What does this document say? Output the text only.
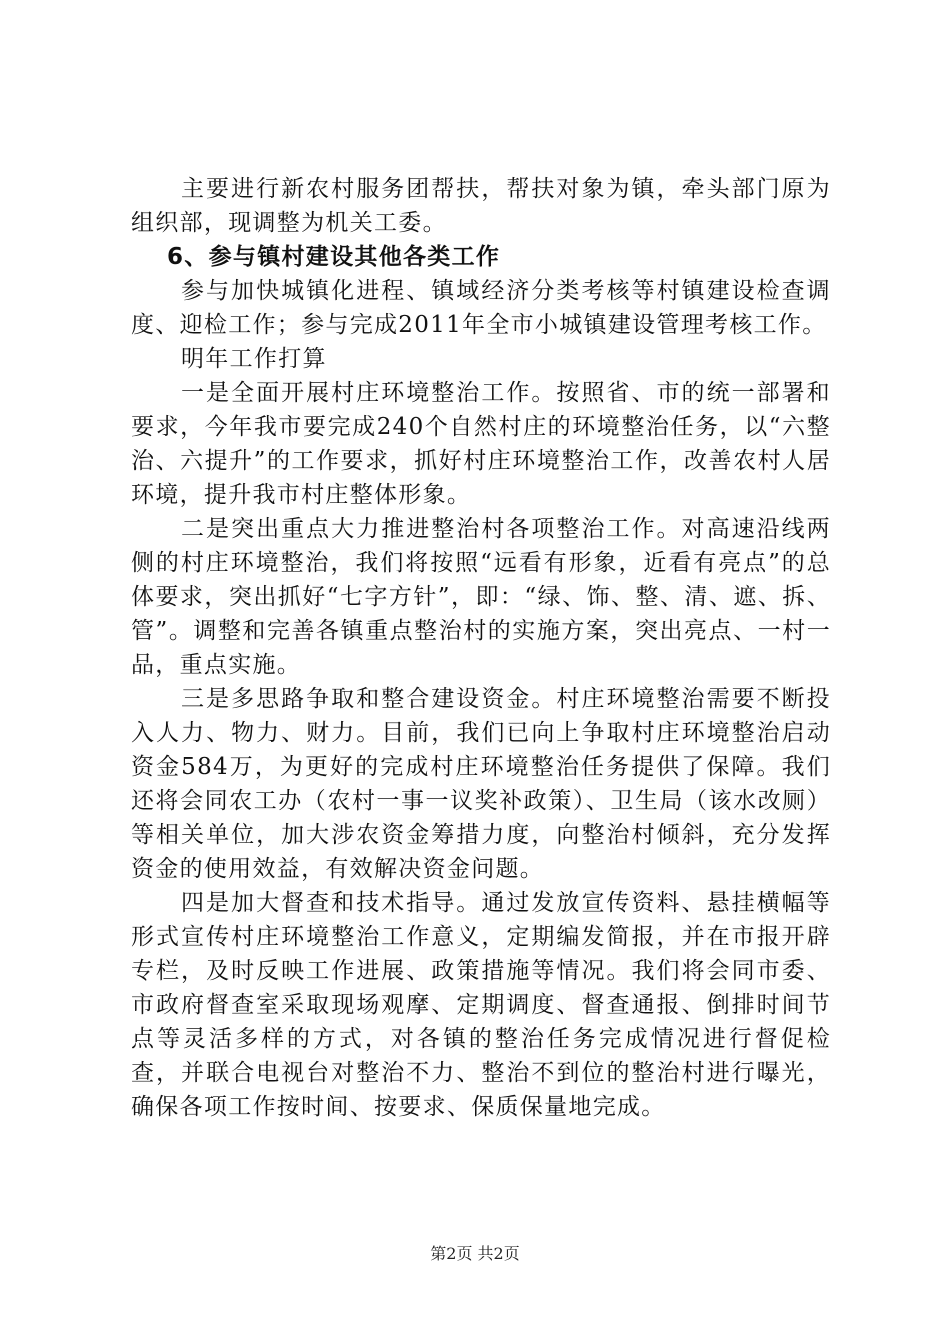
主要进行新农村服务团帮扶，帮扶对象为镇，牵头部门原为组织部，现调整为机关工委。

6、参与镇村建设其他各类工作

参与加快城镇化进程、镇域经济分类考核等村镇建设检查调度、迎检工作；参与完成2011年全市小城镇建设管理考核工作。

明年工作打算

一是全面开展村庄环境整治工作。按照省、市的统一部署和要求，今年我市要完成240个自然村庄的环境整治任务，以“六整治、六提升”的工作要求，抓好村庄环境整治工作，改善农村人居环境，提升我市村庄整体形象。

二是突出重点大力推进整治村各项整治工作。对高速沿线两侧的村庄环境整治，我们将按照“远看有形象，近看有亮点”的总体要求，突出抓好“七字方针”，即：“绿、饰、整、清、遮、拆、管”。调整和完善各镇重点整治村的实施方案，突出亮点、一村一品，重点实施。

三是多思路争取和整合建设资金。村庄环境整治需要不断投入人力、物力、财力。目前，我们已向上争取村庄环境整治启动资金584万，为更好的完成村庄环境整治任务提供了保障。我们还将会同农工办（农村一事一议奖补政策）、卫生局（该水改厕）等相关单位，加大涉农资金筹措力度，向整治村倾斜，充分发挥资金的使用效益，有效解决资金问题。

四是加大督查和技术指导。通过发放宣传资料、悬挂横幅等形式宣传村庄环境整治工作意义，定期编发简报，并在市报开辟专栏，及时反映工作进展、政策措施等情况。我们将会同市委、市政府督查室采取现场观摩、定期调度、督查通报、倒排时间节点等灵活多样的方式，对各镇的整治任务完成情况进行督促检查，并联合电视台对整治不力、整治不到位的整治村进行曝光，确保各项工作按时间、按要求、保质保量地完成。

第2页 共2页
